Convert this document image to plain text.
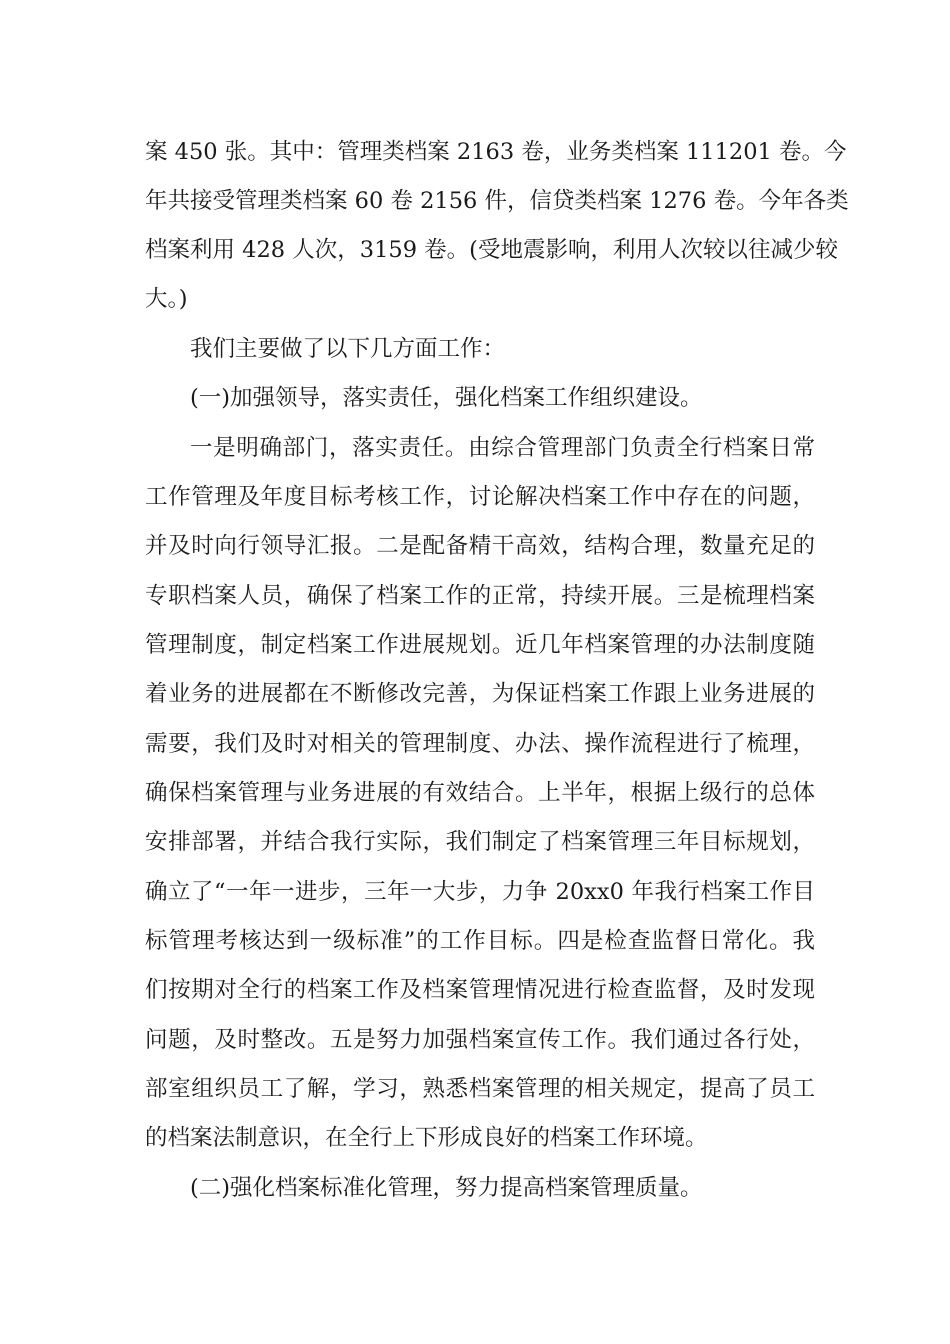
案 450 张。其中：管理类档案 2163 卷，业务类档案 111201 卷。今
年共接受管理类档案 60 卷 2156 件，信贷类档案 1276 卷。今年各类
档案利用 428 人次，3159 卷。(受地震影响，利用人次较以往减少较
大。)
我们主要做了以下几方面工作：
(一)加强领导，落实责任，强化档案工作组织建设。
一是明确部门，落实责任。由综合管理部门负责全行档案日常
工作管理及年度目标考核工作，讨论解决档案工作中存在的问题，
并及时向行领导汇报。二是配备精干高效，结构合理，数量充足的
专职档案人员，确保了档案工作的正常，持续开展。三是梳理档案
管理制度，制定档案工作进展规划。近几年档案管理的办法制度随
着业务的进展都在不断修改完善，为保证档案工作跟上业务进展的
需要，我们及时对相关的管理制度、办法、操作流程进行了梳理，
确保档案管理与业务进展的有效结合。上半年，根据上级行的总体
安排部署，并结合我行实际，我们制定了档案管理三年目标规划，
确立了“一年一进步，三年一大步，力争 20xx0 年我行档案工作目
标管理考核达到一级标准”的工作目标。四是检查监督日常化。我
们按期对全行的档案工作及档案管理情况进行检查监督，及时发现
问题，及时整改。五是努力加强档案宣传工作。我们通过各行处，
部室组织员工了解，学习，熟悉档案管理的相关规定，提高了员工
的档案法制意识，在全行上下形成良好的档案工作环境。
(二)强化档案标准化管理，努力提高档案管理质量。
